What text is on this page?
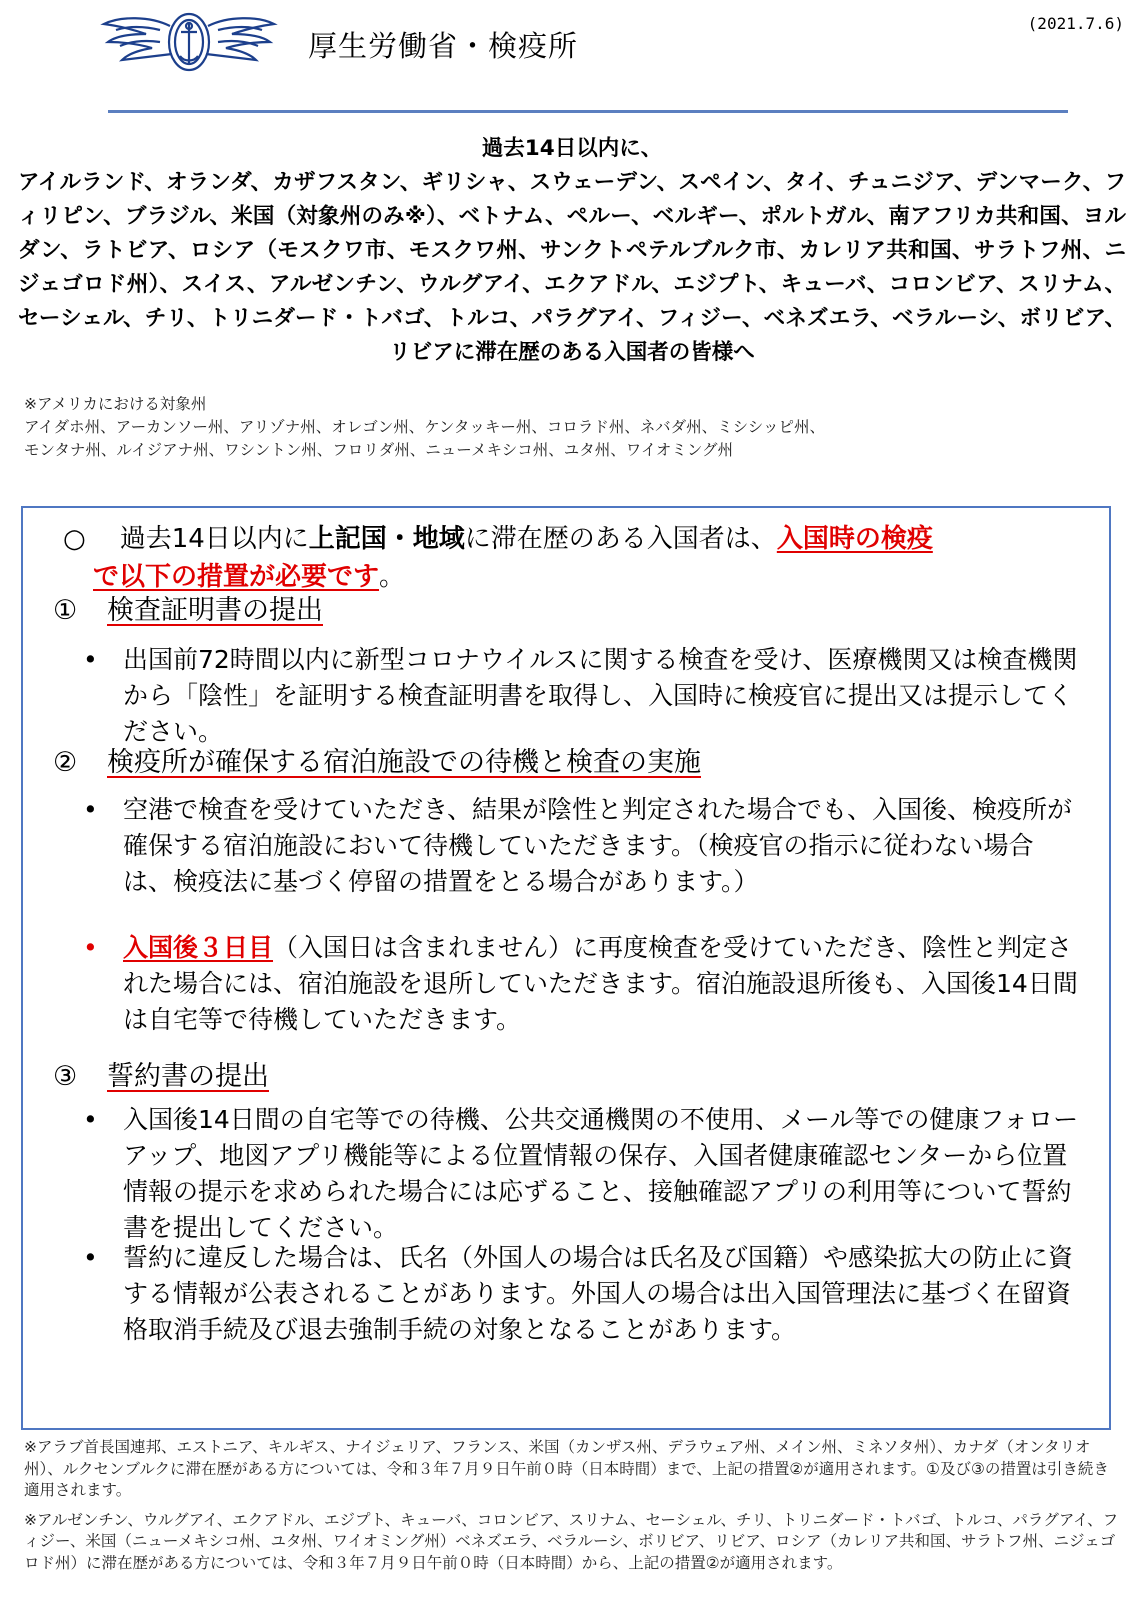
厚生労働省・検疫所
(2021.7.6)
過去14日以内に、
アイルランド、オランダ、カザフスタン、ギリシャ、スウェーデン、スペイン、タイ、チュニジア、デンマーク、フィリピン、ブラジル、米国（対象州のみ※）、ベトナム、ペルー、ベルギー、ポルトガル、南アフリカ共和国、ヨルダン、ラトビア、ロシア（モスクワ市、モスクワ州、サンクトペテルブルク市、カレリア共和国、サラトフ州、ニジェゴロド州）、スイス、アルゼンチン、ウルグアイ、エクアドル、エジプト、キューバ、コロンビア、スリナム、セーシェル、チリ、トリニダード・トバゴ、トルコ、パラグアイ、フィジー、ベネズエラ、ベラルーシ、ボリビア、リビアに滞在歴のある入国者の皆様へ
※アメリカにおける対象州
アイダホ州、アーカンソー州、アリゾナ州、オレゴン州、ケンタッキー州、コロラド州、ネバダ州、ミシシッピ州、
モンタナ州、ルイジアナ州、ワシントン州、フロリダ州、ニューメキシコ州、ユタ州、ワイオミング州
○ 過去14日以内に上記国・地域に滞在歴のある入国者は、入国時の検疫
で以下の措置が必要です。
① 検査証明書の提出
•	出国前72時間以内に新型コロナウイルスに関する検査を受け、医療機関又は検査機関から「陰性」を証明する検査証明書を取得し、入国時に検疫官に提出又は提示してください。
② 検疫所が確保する宿泊施設での待機と検査の実施
•	空港で検査を受けていただき、結果が陰性と判定された場合でも、入国後、検疫所が確保する宿泊施設において待機していただきます。（検疫官の指示に従わない場合は、検疫法に基づく停留の措置をとる場合があります。）
•	入国後３日目（入国日は含まれません）に再度検査を受けていただき、陰性と判定された場合には、宿泊施設を退所していただきます。宿泊施設退所後も、入国後14日間は自宅等で待機していただきます。
③ 誓約書の提出
•	入国後14日間の自宅等での待機、公共交通機関の不使用、メール等での健康フォローアップ、地図アプリ機能等による位置情報の保存、入国者健康確認センターから位置情報の提示を求められた場合には応ずること、接触確認アプリの利用等について誓約書を提出してください。
•	誓約に違反した場合は、氏名（外国人の場合は氏名及び国籍）や感染拡大の防止に資する情報が公表されることがあります。外国人の場合は出入国管理法に基づく在留資格取消手続及び退去強制手続の対象となることがあります。

※アラブ首長国連邦、エストニア、キルギス、ナイジェリア、フランス、米国（カンザス州、デラウェア州、メイン州、ミネソタ州）、カナダ（オンタリオ州）、ルクセンブルクに滞在歴がある方については、令和３年７月９日午前０時（日本時間）まで、上記の措置②が適用されます。①及び③の措置は引き続き適用されます。

※アルゼンチン、ウルグアイ、エクアドル、エジプト、キューバ、コロンビア、スリナム、セーシェル、チリ、トリニダード・トバゴ、トルコ、パラグアイ、フィジー、米国（ニューメキシコ州、ユタ州、ワイオミング州）ベネズエラ、ベラルーシ、ボリビア、リビア、ロシア（カレリア共和国、サラトフ州、ニジェゴロド州）に滞在歴がある方については、令和３年７月９日午前０時（日本時間）から、上記の措置②が適用されます。
